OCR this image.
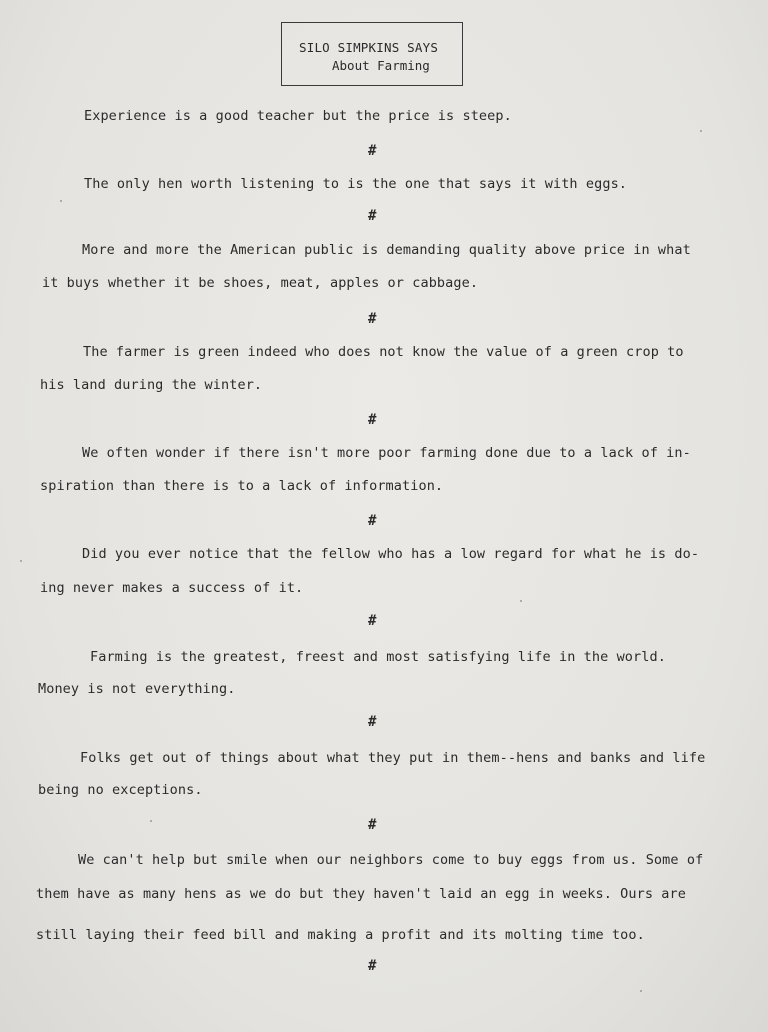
SILO SIMPKINS SAYS
About Farming
Experience is a good teacher but the price is steep.
#
The only hen worth listening to is the one that says it with eggs.
#
More and more the American public is demanding quality above price in what
it buys whether it be shoes, meat, apples or cabbage.
#
The farmer is green indeed who does not know the value of a green crop to
his land during the winter.
#
We often wonder if there isn't more poor farming done due to a lack of in-
spiration than there is to a lack of information.
#
Did you ever notice that the fellow who has a low regard for what he is do-
ing never makes a success of it.
#
Farming is the greatest, freest and most satisfying life in the world.
Money is not everything.
#
Folks get out of things about what they put in them--hens and banks and life
being no exceptions.
#
We can't help but smile when our neighbors come to buy eggs from us. Some of
them have as many hens as we do but they haven't laid an egg in weeks. Ours are
still laying their feed bill and making a profit and its molting time too.
#
